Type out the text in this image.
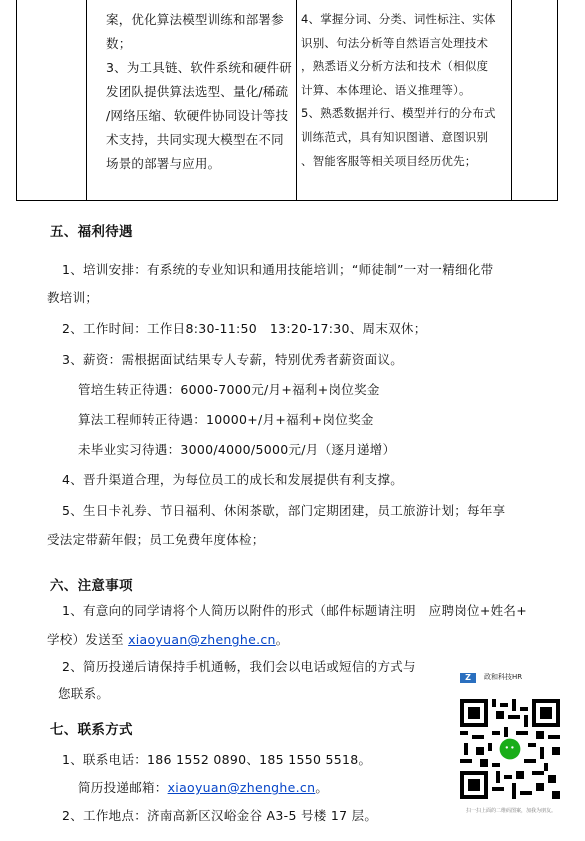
案，优化算法模型训练和部署参
数；
3、为工具链、软件系统和硬件研
发团队提供算法选型、量化/稀疏
/网络压缩、软硬件协同设计等技
术支持，共同实现大模型在不同
场景的部署与应用。
4、掌握分词、分类、词性标注、实体
识别、句法分析等自然语言处理技术
，熟悉语义分析方法和技术（相似度
计算、本体理论、语义推理等）。
5、熟悉数据并行、模型并行的分布式
训练范式，具有知识图谱、意图识别
、智能客服等相关项目经历优先；
五、福利待遇
1、培训安排：有系统的专业知识和通用技能培训；“师徒制”一对一精细化带
教培训；
2、工作时间：工作日8:30-11:50　13:20-17:30、周末双休；
3、薪资：需根据面试结果专人专薪，特别优秀者薪资面议。
管培生转正待遇：6000-7000元/月+福利+岗位奖金
算法工程师转正待遇：10000+/月+福利+岗位奖金
未毕业实习待遇：3000/4000/5000元/月（逐月递增）
4、晋升渠道合理，为每位员工的成长和发展提供有利支撑。
5、生日卡礼券、节日福利、休闲茶歇，部门定期团建，员工旅游计划；每年享
受法定带薪年假；员工免费年度体检；
六、注意事项
1、有意向的同学请将个人简历以附件的形式（邮件标题请注明　应聘岗位+姓名+
学校）发送至 xiaoyuan@zhenghe.cn。
2、简历投递后请保持手机通畅，我们会以电话或短信的方式与
您联系。
七、联系方式
1、联系电话：186 1552 0890、185 1550 5518。
简历投递邮箱：xiaoyuan@zhenghe.cn。
2、工作地点：济南高新区汉峪金谷 A3-5 号楼 17 层。
Z	政和科技HR
扫一扫上面的二维码图案，加我为朋友。
